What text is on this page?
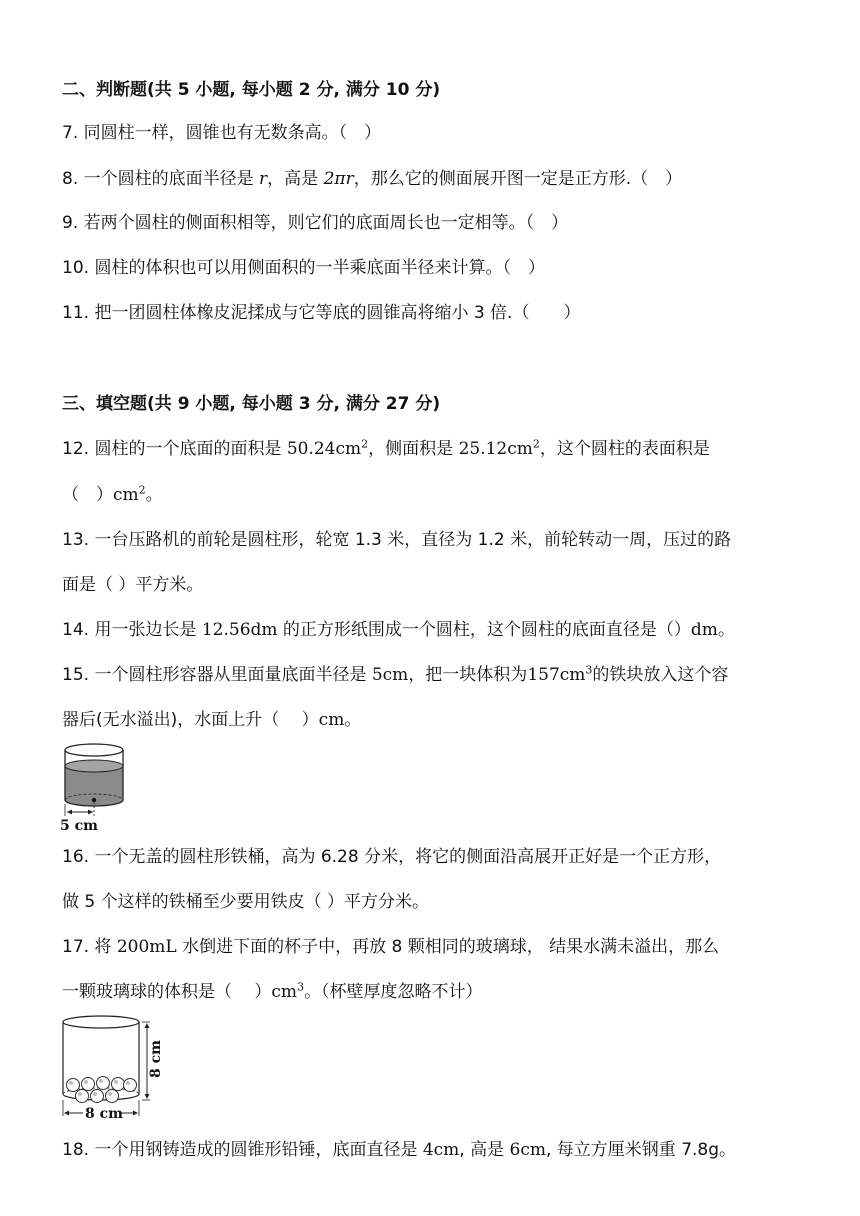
二、判断题(共 5 小题, 每小题 2 分, 满分 10 分)
7. 同圆柱一样，圆锥也有无数条高。（　）
8. 一个圆柱的底面半径是 r，高是 2πr，那么它的侧面展开图一定是正方形.（　）
9. 若两个圆柱的侧面积相等，则它们的底面周长也一定相等。（　）
10. 圆柱的体积也可以用侧面积的一半乘底面半径来计算。（　）
11. 把一团圆柱体橡皮泥揉成与它等底的圆锥高将缩小 3 倍.（　　）
三、填空题(共 9 小题, 每小题 3 分, 满分 27 分)
12. 圆柱的一个底面的面积是 $50.24cm^2$，侧面积是 $25.12cm^2$，这个圆柱的表面积是
（　）$cm^2$。
13. 一台压路机的前轮是圆柱形，轮宽 1.3 米，直径为 1.2 米，前轮转动一周，压过的路
面是（ ）平方米。
14. 用一张边长是 12.56dm 的正方形纸围成一个圆柱，这个圆柱的底面直径是（）dm。
15. 一个圆柱形容器从里面量底面半径是 5cm，把一块体积为$157cm^3$的铁块放入这个容
器后(无水溢出)，水面上升（　 ）cm。
5 cm
16. 一个无盖的圆柱形铁桶，高为 6.28 分米，将它的侧面沿高展开正好是一个正方形，
做 5 个这样的铁桶至少要用铁皮（ ）平方分米。
17. 将 200mL 水倒进下面的杯子中，再放 8 颗相同的玻璃球， 结果水满未溢出，那么
一颗玻璃球的体积是（　 ）$cm^3$。（杯壁厚度忽略不计）
8 cm
8 cm
18. 一个用钢铸造成的圆锥形铅锤，底面直径是 4cm, 高是 6cm, 每立方厘米钢重 7.8g。
